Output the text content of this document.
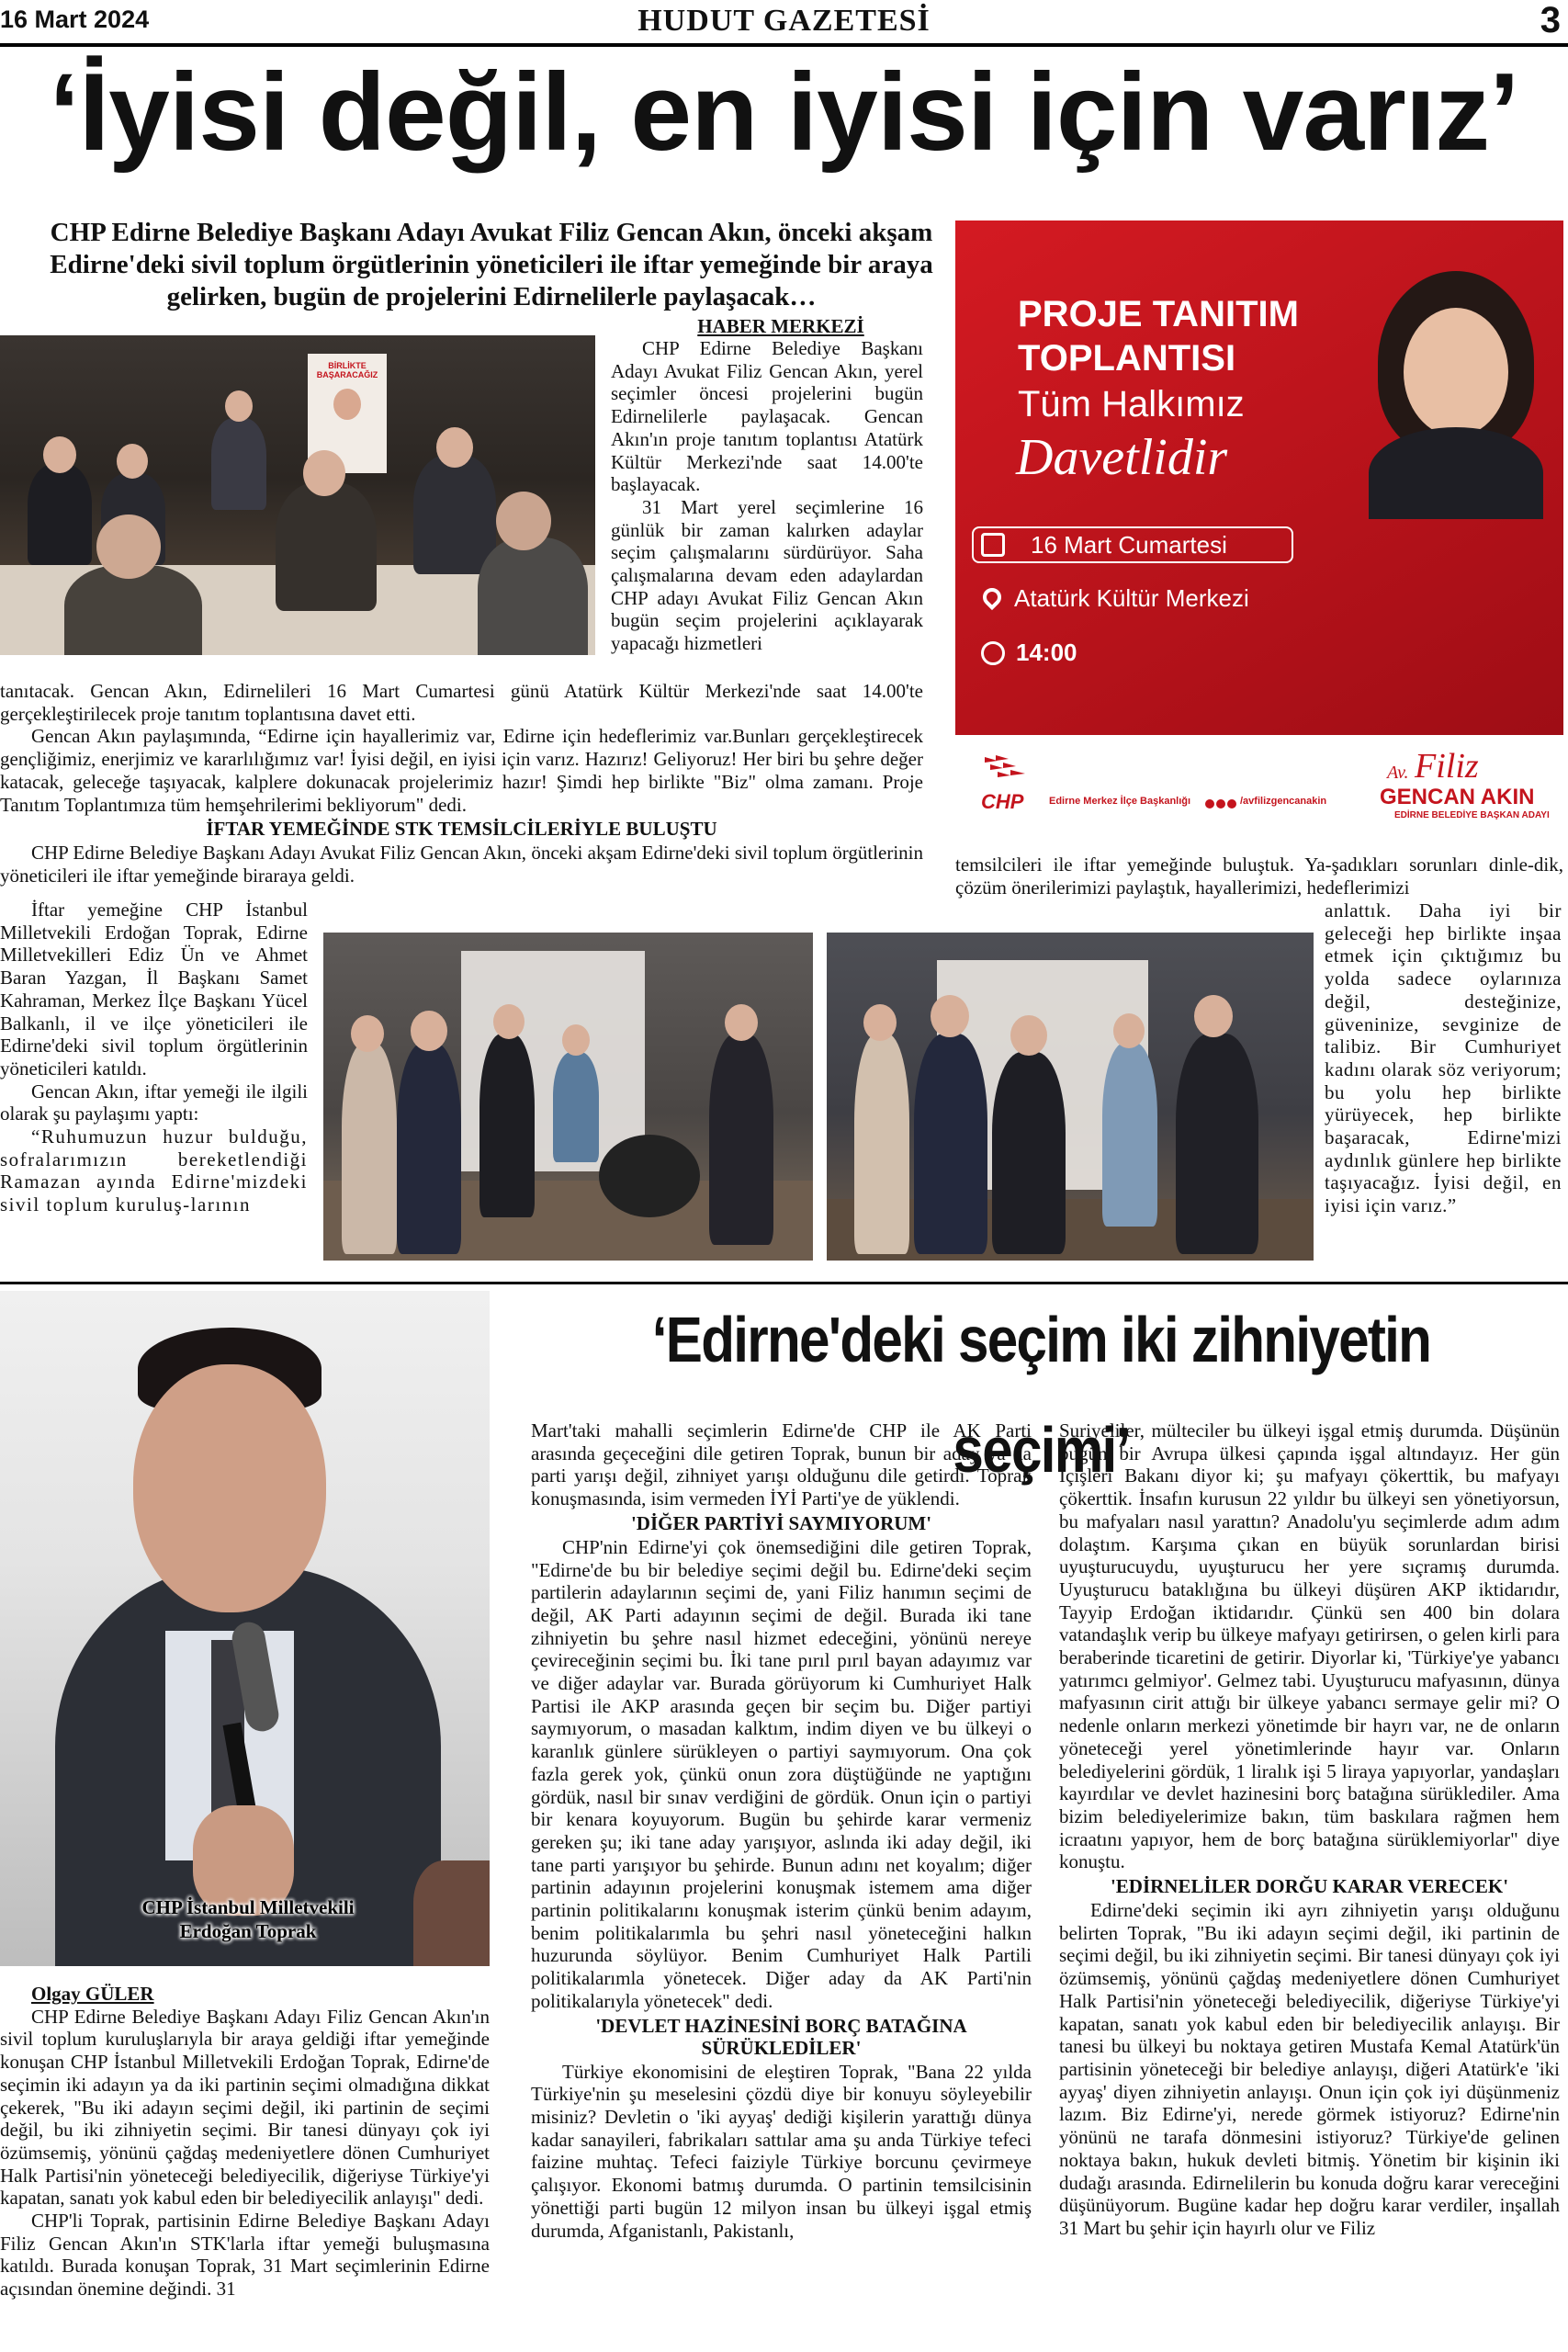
16 Mart 2024	HUDUT GAZETESİ	3
‘İyisi değil, en iyisi için varız’
CHP Edirne Belediye Başkanı Adayı Avukat Filiz Gencan Akın, önceki akşam Edirne'deki sivil toplum örgütlerinin yöneticileri ile iftar yemeğinde bir araya gelirken, bugün de projelerini Edirnelilerle paylaşacak…
BİRLİKTE
BAŞARACAĞIZ
HABER MERKEZİ

CHP Edirne Belediye Başkanı Adayı Avukat Filiz Gencan Akın, yerel seçimler öncesi projelerini bugün Edirnelilerle paylaşacak. Gencan Akın'ın proje tanıtım toplantısı Atatürk Kültür Merkezi'nde saat 14.00'te başlayacak.

31 Mart yerel seçimlerine 16 günlük bir zaman kalırken adaylar seçim çalışmalarını sürdürüyor. Saha çalışmalarına devam eden adaylardan CHP adayı Avukat Filiz Gencan Akın bugün seçim projelerini açıklayarak yapacağı hizmetleri

tanıtacak. Gencan Akın, Edirnelileri 16 Mart Cumartesi günü Atatürk Kültür Merkezi'nde saat 14.00'te gerçekleştirilecek proje tanıtım toplantısına davet etti.

Gencan Akın paylaşımında, “Edirne için hayallerimiz var, Edirne için hedeflerimiz var.Bunları gerçekleştirecek gençliğimiz, enerjimiz ve kararlılığımız var! İyisi değil, en iyisi için varız. Hazırız! Geliyoruz! Her biri bu şehre değer katacak, geleceğe taşıyacak, kalplere dokunacak projelerimiz hazır! Şimdi hep birlikte "Biz" olma zamanı. Proje Tanıtım Toplantımıza tüm hemşehrilerimi bekliyorum" dedi.

İFTAR YEMEĞİNDE STK TEMSİLCİLERİYLE BULUŞTU

CHP Edirne Belediye Başkanı Adayı Avukat Filiz Gencan Akın, önceki akşam Edirne'deki sivil toplum örgütlerinin yöneticileri ile iftar yemeğinde biraraya geldi.

PROJE TANITIM
TOPLANTISI
Tüm Halkımız
Davetlidir
16 Mart Cumartesi
Atatürk Kültür Merkezi
14:00
CHP	Edirne Merkez İlçe Başkanlığı	/avfilizgencanakin
Av. Filiz
GENCAN AKIN
EDİRNE BELEDİYE BAŞKAN ADAYI

İftar yemeğine CHP İstanbul Milletvekili Erdoğan Toprak, Edirne Milletvekilleri Ediz Ün ve Ahmet Baran Yazgan, İl Başkanı Samet Kahraman, Merkez İlçe Başkanı Yücel Balkanlı, il ve ilçe yöneticileri ile Edirne'deki sivil toplum örgütlerinin yöneticileri katıldı.

Gencan Akın, iftar yemeği ile ilgili olarak şu paylaşımı yaptı:

“Ruhumuzun huzur bulduğu, sofralarımızın bereketlendiği Ramazan ayında Edirne'mizdeki sivil toplum kuruluş-larının

temsilcileri ile iftar yemeğinde buluştuk. Ya-şadıkları sorunları dinle-dik, çözüm önerilerimizi paylaştık, hayallerimizi, hedeflerimizi
anlattık. Daha iyi bir geleceği hep birlikte inşaa etmek için çıktığımız bu yolda sadece oylarınıza değil, desteğinize, güveninize, sevginize de talibiz. Bir Cumhuriyet kadını olarak söz veriyorum; bu yolu hep birlikte yürüyecek, hep birlikte başaracak, Edirne'mizi aydınlık günlere hep birlikte taşıyacağız. İyisi değil, en iyisi için varız.”
CHP İstanbul Milletvekili
Erdoğan Toprak
‘Edirne'deki seçim iki zihniyetin seçimi’
Olgay GÜLER

CHP Edirne Belediye Başkanı Adayı Filiz Gencan Akın'ın sivil toplum kuruluşlarıyla bir araya geldiği iftar yemeğinde konuşan CHP İstanbul Milletvekili Erdoğan Toprak, Edirne'de seçimin iki adayın ya da iki partinin seçimi olmadığına dikkat çekerek, "Bu iki adayın seçimi değil, iki partinin de seçimi değil, bu iki zihniyetin seçimi. Bir tanesi dünyayı çok iyi özümsemiş, yönünü çağdaş medeniyetlere dönen Cumhuriyet Halk Partisi'nin yöneteceği belediyecilik, diğeriyse Türkiye'yi kapatan, sanatı yok kabul eden bir belediyecilik anlayışı" dedi.

CHP'li Toprak, partisinin Edirne Belediye Başkanı Adayı Filiz Gencan Akın'ın STK'larla iftar yemeği buluşmasına katıldı. Burada konuşan Toprak, 31 Mart seçimlerinin Edirne açısından önemine değindi. 31

Mart'taki mahalli seçimlerin Edirne'de CHP ile AK Parti arasında geçeceğini dile getiren Toprak, bunun bir aday ya da parti yarışı değil, zihniyet yarışı olduğunu dile getirdi. Toprak konuşmasında, isim vermeden İYİ Parti'ye de yüklendi.

'DİĞER PARTİYİ SAYMIYORUM'

CHP'nin Edirne'yi çok önemsediğini dile getiren Toprak, "Edirne'de bu bir belediye seçimi değil bu. Edirne'deki seçim partilerin adaylarının seçimi de, yani Filiz hanımın seçimi de değil, AK Parti adayının seçimi de değil. Burada iki tane zihniyetin bu şehre nasıl hizmet edeceğini, yönünü nereye çevireceğinin seçimi bu. İki tane pırıl pırıl bayan adayımız var ve diğer adaylar var. Burada görüyorum ki Cumhuriyet Halk Partisi ile AKP arasında geçen bir seçim bu. Diğer partiyi saymıyorum, o masadan kalktım, indim diyen ve bu ülkeyi o karanlık günlere sürükleyen o partiyi saymıyorum. Ona çok fazla gerek yok, çünkü onun zora düştüğünde ne yaptığını gördük, nasıl bir sınav verdiğini de gördük. Onun için o partiyi bir kenara koyuyorum. Bugün bu şehirde karar vermeniz gereken şu; iki tane aday yarışıyor, aslında iki aday değil, iki tane parti yarışıyor bu şehirde. Bunun adını net koyalım; diğer partinin adayının projelerini konuşmak istemem ama diğer partinin politikalarını konuşmak isterim çünkü benim adayım, benim politikalarımla bu şehri nasıl yöneteceğini halkın huzurunda söylüyor. Benim Cumhuriyet Halk Partili politikalarımla yönetecek. Diğer aday da AK Parti'nin politikalarıyla yönetecek" dedi.

'DEVLET HAZİNESİNİ BORÇ BATAĞINA SÜRÜKLEDİLER'

Türkiye ekonomisini de eleştiren Toprak, "Bana 22 yılda Türkiye'nin şu meselesini çözdü diye bir konuyu söyleyebilir misiniz? Devletin o 'iki ayyaş' dediği kişilerin yarattığı dünya kadar sanayileri, fabrikaları sattılar ama şu anda Türkiye tefeci faizine muhtaç. Tefeci faiziyle Türkiye borcunu çevirmeye çalışıyor. Ekonomi batmış durumda. O partinin temsilcisinin yönettiği parti bugün 12 milyon insan bu ülkeyi işgal etmiş durumda, Afganistanlı, Pakistanlı,

Suriyeliler, mülteciler bu ülkeyi işgal etmiş durumda. Düşünün bugün bir Avrupa ülkesi çapında işgal altındayız. Her gün İçişleri Bakanı diyor ki; şu mafyayı çökerttik, bu mafyayı çökerttik. İnsafın kurusun 22 yıldır bu ülkeyi sen yönetiyorsun, bu mafyaları nasıl yarattın? Anadolu'yu seçimlerde adım adım dolaştım. Karşıma çıkan en büyük sorunlardan birisi uyuşturucuydu, uyuşturucu her yere sıçramış durumda. Uyuşturucu bataklığına bu ülkeyi düşüren AKP iktidarıdır, Tayyip Erdoğan iktidarıdır. Çünkü sen 400 bin dolara vatandaşlık verip bu ülkeye mafyayı getirirsen, o gelen kirli para beraberinde ticaretini de getirir. Diyorlar ki, 'Türkiye'ye yabancı yatırımcı gelmiyor'. Gelmez tabi. Uyuşturucu mafyasının, dünya mafyasının cirit attığı bir ülkeye yabancı sermaye gelir mi? O nedenle onların merkezi yönetimde bir hayrı var, ne de onların yöneteceği yerel yönetimlerinde hayır var. Onların belediyelerini gördük, 1 liralık işi 5 liraya yapıyorlar, yandaşları kayırdılar ve devlet hazinesini borç batağına sürüklediler. Ama bizim belediyelerimize bakın, tüm baskılara rağmen hem icraatını yapıyor, hem de borç batağına sürüklemiyorlar" diye konuştu.

'EDİRNELİLER DORĞU KARAR VERECEK'

Edirne'deki seçimin iki ayrı zihniyetin yarışı olduğunu belirten Toprak, "Bu iki adayın seçimi değil, iki partinin de seçimi değil, bu iki zihniyetin seçimi. Bir tanesi dünyayı çok iyi özümsemiş, yönünü çağdaş medeniyetlere dönen Cumhuriyet Halk Partisi'nin yöneteceği belediyecilik, diğeriyse Türkiye'yi kapatan, sanatı yok kabul eden bir belediyecilik anlayışı. Bir tanesi bu ülkeyi bu noktaya getiren Mustafa Kemal Atatürk'ün partisinin yöneteceği bir belediye anlayışı, diğeri Atatürk'e 'iki ayyaş' diyen zihniyetin anlayışı. Onun için çok iyi düşünmeniz lazım. Biz Edirne'yi, nerede görmek istiyoruz? Edirne'nin yönünü ne tarafa dönmesini istiyoruz? Türkiye'de gelinen noktaya bakın, hukuk devleti bitmiş. Yönetim bir kişinin iki dudağı arasında. Edirnelilerin bu konuda doğru karar vereceğini düşünüyorum. Bugüne kadar hep doğru karar verdiler, inşallah 31 Mart bu şehir için hayırlı olur ve Filiz
